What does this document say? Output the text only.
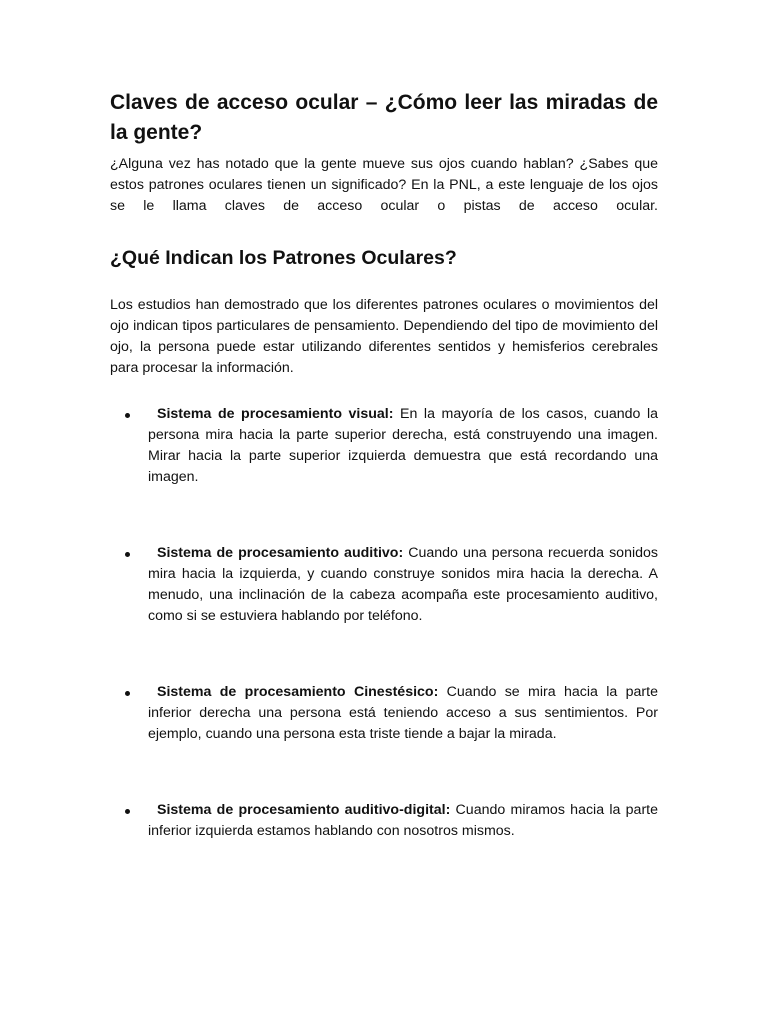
Claves de acceso ocular – ¿Cómo leer las miradas de la gente?

¿Alguna vez has notado que la gente mueve sus ojos cuando hablan? ¿Sabes que estos patrones oculares tienen un significado? En la PNL, a este lenguaje de los ojos se le llama claves de acceso ocular o pistas de acceso ocular.

¿Qué Indican los Patrones Oculares?

Los estudios han demostrado que los diferentes patrones oculares o movimientos del ojo indican tipos particulares de pensamiento. Dependiendo del tipo de movimiento del ojo, la persona puede estar utilizando diferentes sentidos y hemisferios cerebrales para procesar la información.

Sistema de procesamiento visual: En la mayoría de los casos, cuando la persona mira hacia la parte superior derecha, está construyendo una imagen. Mirar hacia la parte superior izquierda demuestra que está recordando una imagen.
Sistema de procesamiento auditivo: Cuando una persona recuerda sonidos mira hacia la izquierda, y cuando construye sonidos mira hacia la derecha. A menudo, una inclinación de la cabeza acompaña este procesamiento auditivo, como si se estuviera hablando por teléfono.
Sistema de procesamiento Cinestésico: Cuando se mira hacia la parte inferior derecha una persona está teniendo acceso a sus sentimientos. Por ejemplo, cuando una persona esta triste tiende a bajar la mirada.
Sistema de procesamiento auditivo-digital: Cuando miramos hacia la parte inferior izquierda estamos hablando con nosotros mismos.
